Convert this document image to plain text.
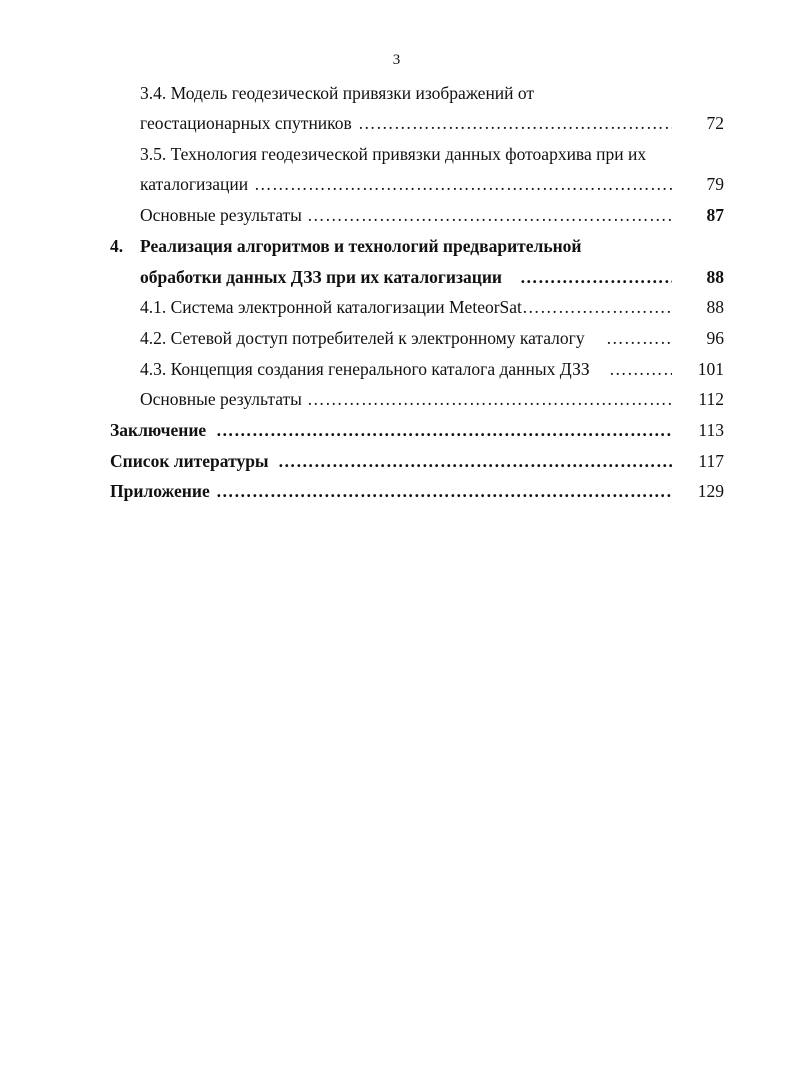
3
3.4. Модель геодезической привязки изображений от
геостационарных спутников ………………………………………………………………………………………………………………………………………………	72
3.5. Технология геодезической привязки данных фотоархива при их
каталогизации ………………………………………………………………………………………………………………………………………………	79
Основные результаты ………………………………………………………………………………………………………………………………………………	87
4. Реализация алгоритмов и технологий предварительной
обработки данных ДЗЗ при их каталогизации ………………………………………………………………………………………………………………………………………………	88
4.1. Система электронной каталогизации MeteorSat ………………………………………………………………………………………………………………………………………………	88
4.2. Сетевой доступ потребителей к электронному каталогу ………………………………………………………………………………………………………………………………………………	96
4.3. Концепция создания генерального каталога данных ДЗЗ ………………………………………………………………………………………………………………………………………………	101
Основные результаты ………………………………………………………………………………………………………………………………………………	112
Заключение ………………………………………………………………………………………………………………………………………………	113
Список литературы ………………………………………………………………………………………………………………………………………………	117
Приложение ………………………………………………………………………………………………………………………………………………	129
